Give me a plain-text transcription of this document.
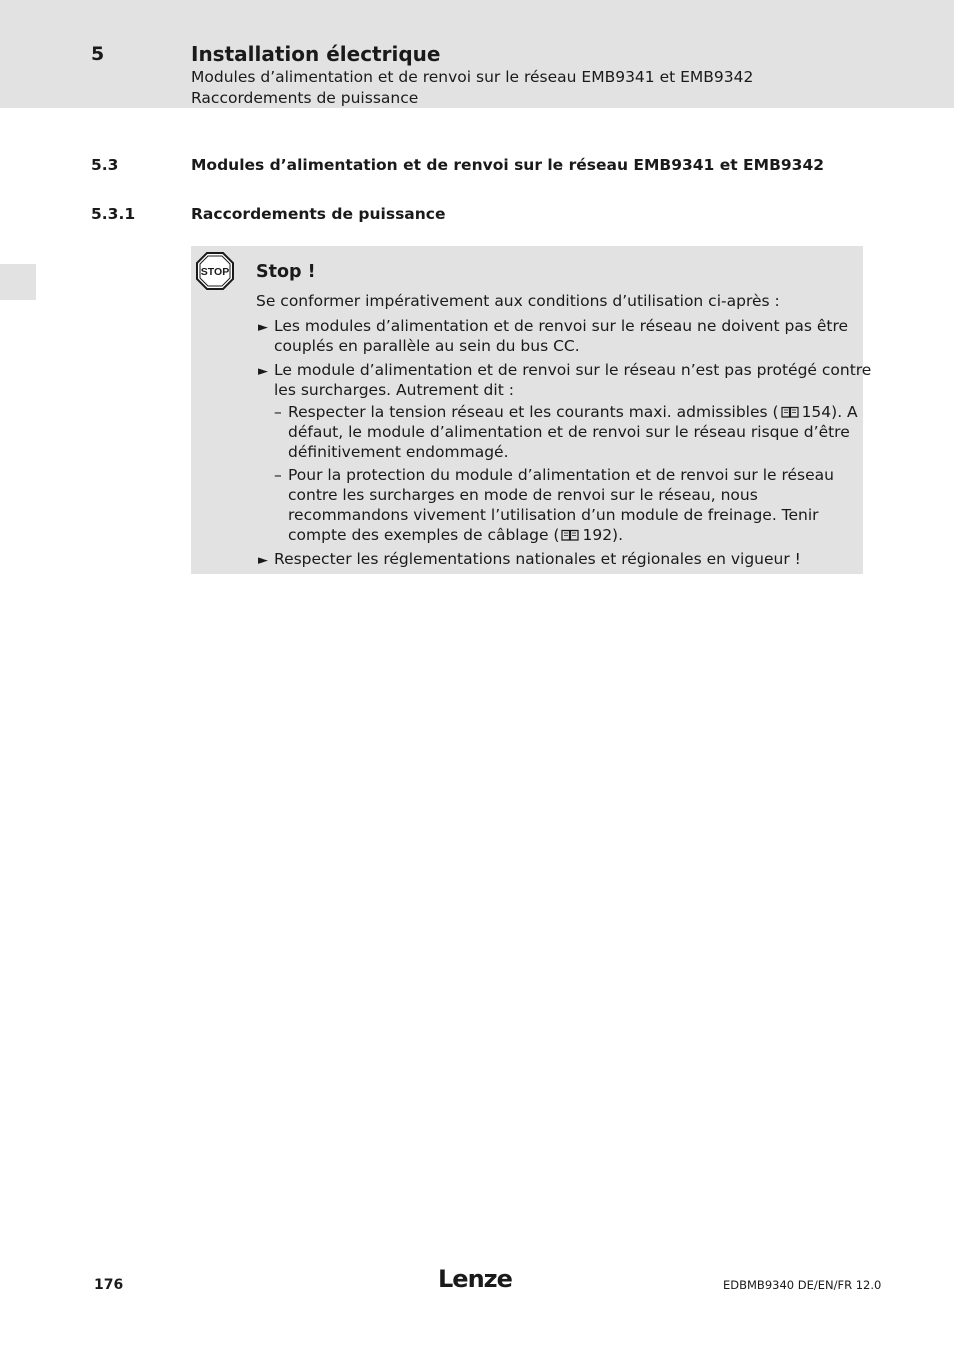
5	Installation électrique
Modules d’alimentation et de renvoi sur le réseau EMB9341 et EMB9342
Raccordements de puissance
5.3	Modules d’alimentation et de renvoi sur le réseau EMB9341 et EMB9342
5.3.1	Raccordements de puissance
STOP Stop !
Se conformer impérativement aux conditions d’utilisation ci-après :
► Les modules d’alimentation et de renvoi sur le réseau ne doivent pas être
couplés en parallèle au sein du bus CC.
► Le module d’alimentation et de renvoi sur le réseau n’est pas protégé contre
les surcharges. Autrement dit :
– Respecter la tension réseau et les courants maxi. admissibles ( 154). A
défaut, le module d’alimentation et de renvoi sur le réseau risque d’être
définitivement endommagé.
– Pour la protection du module d’alimentation et de renvoi sur le réseau
contre les surcharges en mode de renvoi sur le réseau, nous
recommandons vivement l’utilisation d’un module de freinage. Tenir
compte des exemples de câblage ( 192).
► Respecter les réglementations nationales et régionales en vigueur !
176	Lenze	EDBMB9340 DE/EN/FR 12.0
